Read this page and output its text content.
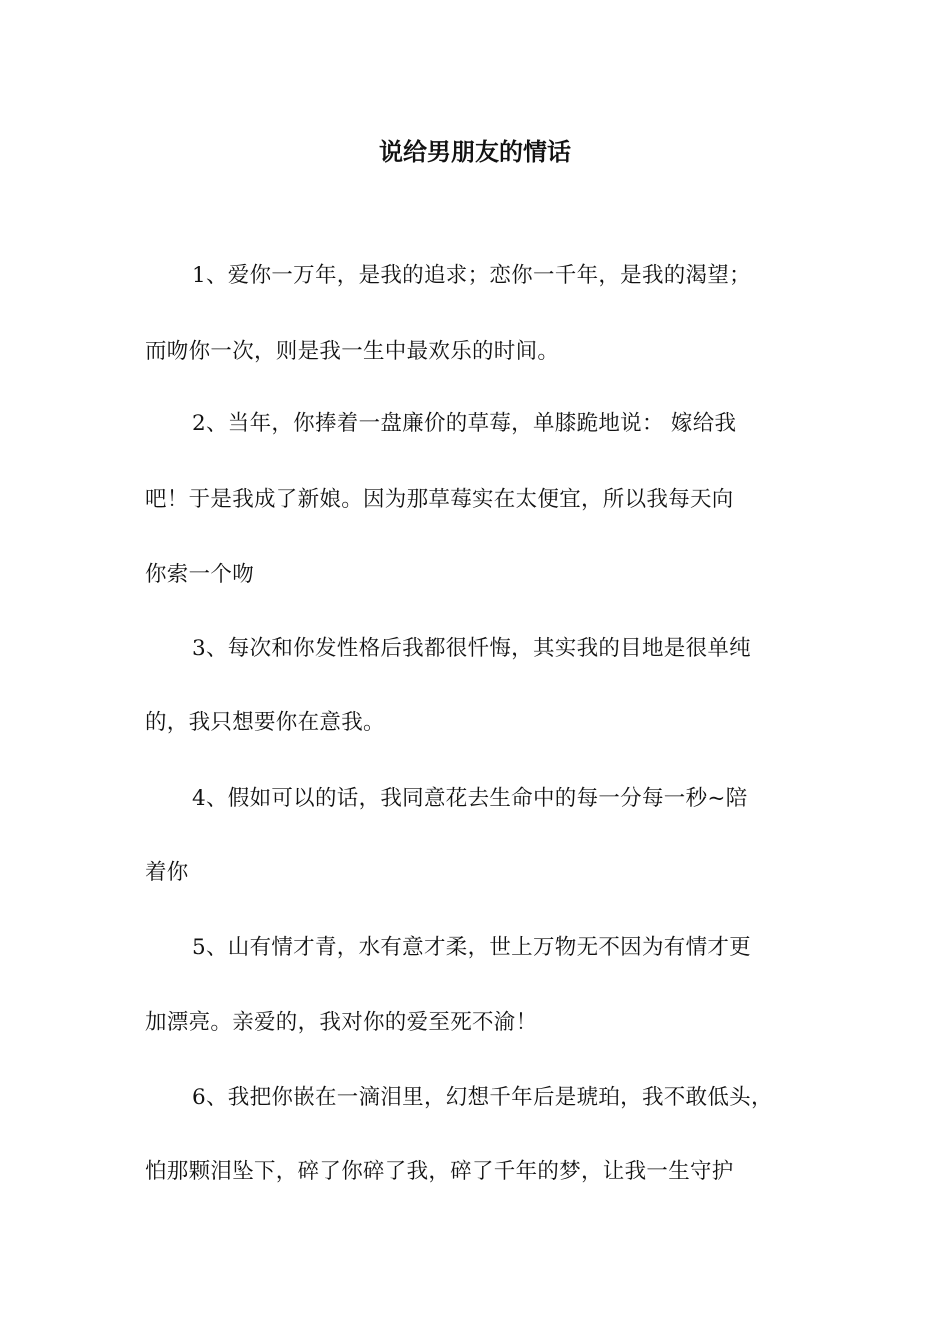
说给男朋友的情话
1、爱你一万年，是我的追求；恋你一千年，是我的渴望；
而吻你一次，则是我一生中最欢乐的时间。
2、当年，你捧着一盘廉价的草莓，单膝跪地说： 嫁给我
吧！于是我成了新娘。因为那草莓实在太便宜，所以我每天向
你索一个吻
3、每次和你发性格后我都很忏悔，其实我的目地是很单纯
的，我只想要你在意我。
4、假如可以的话，我同意花去生命中的每一分每一秒~陪
着你
5、山有情才青，水有意才柔，世上万物无不因为有情才更
加漂亮。亲爱的，我对你的爱至死不渝！
6、我把你嵌在一滴泪里，幻想千年后是琥珀，我不敢低头，
怕那颗泪坠下，碎了你碎了我，碎了千年的梦，让我一生守护
